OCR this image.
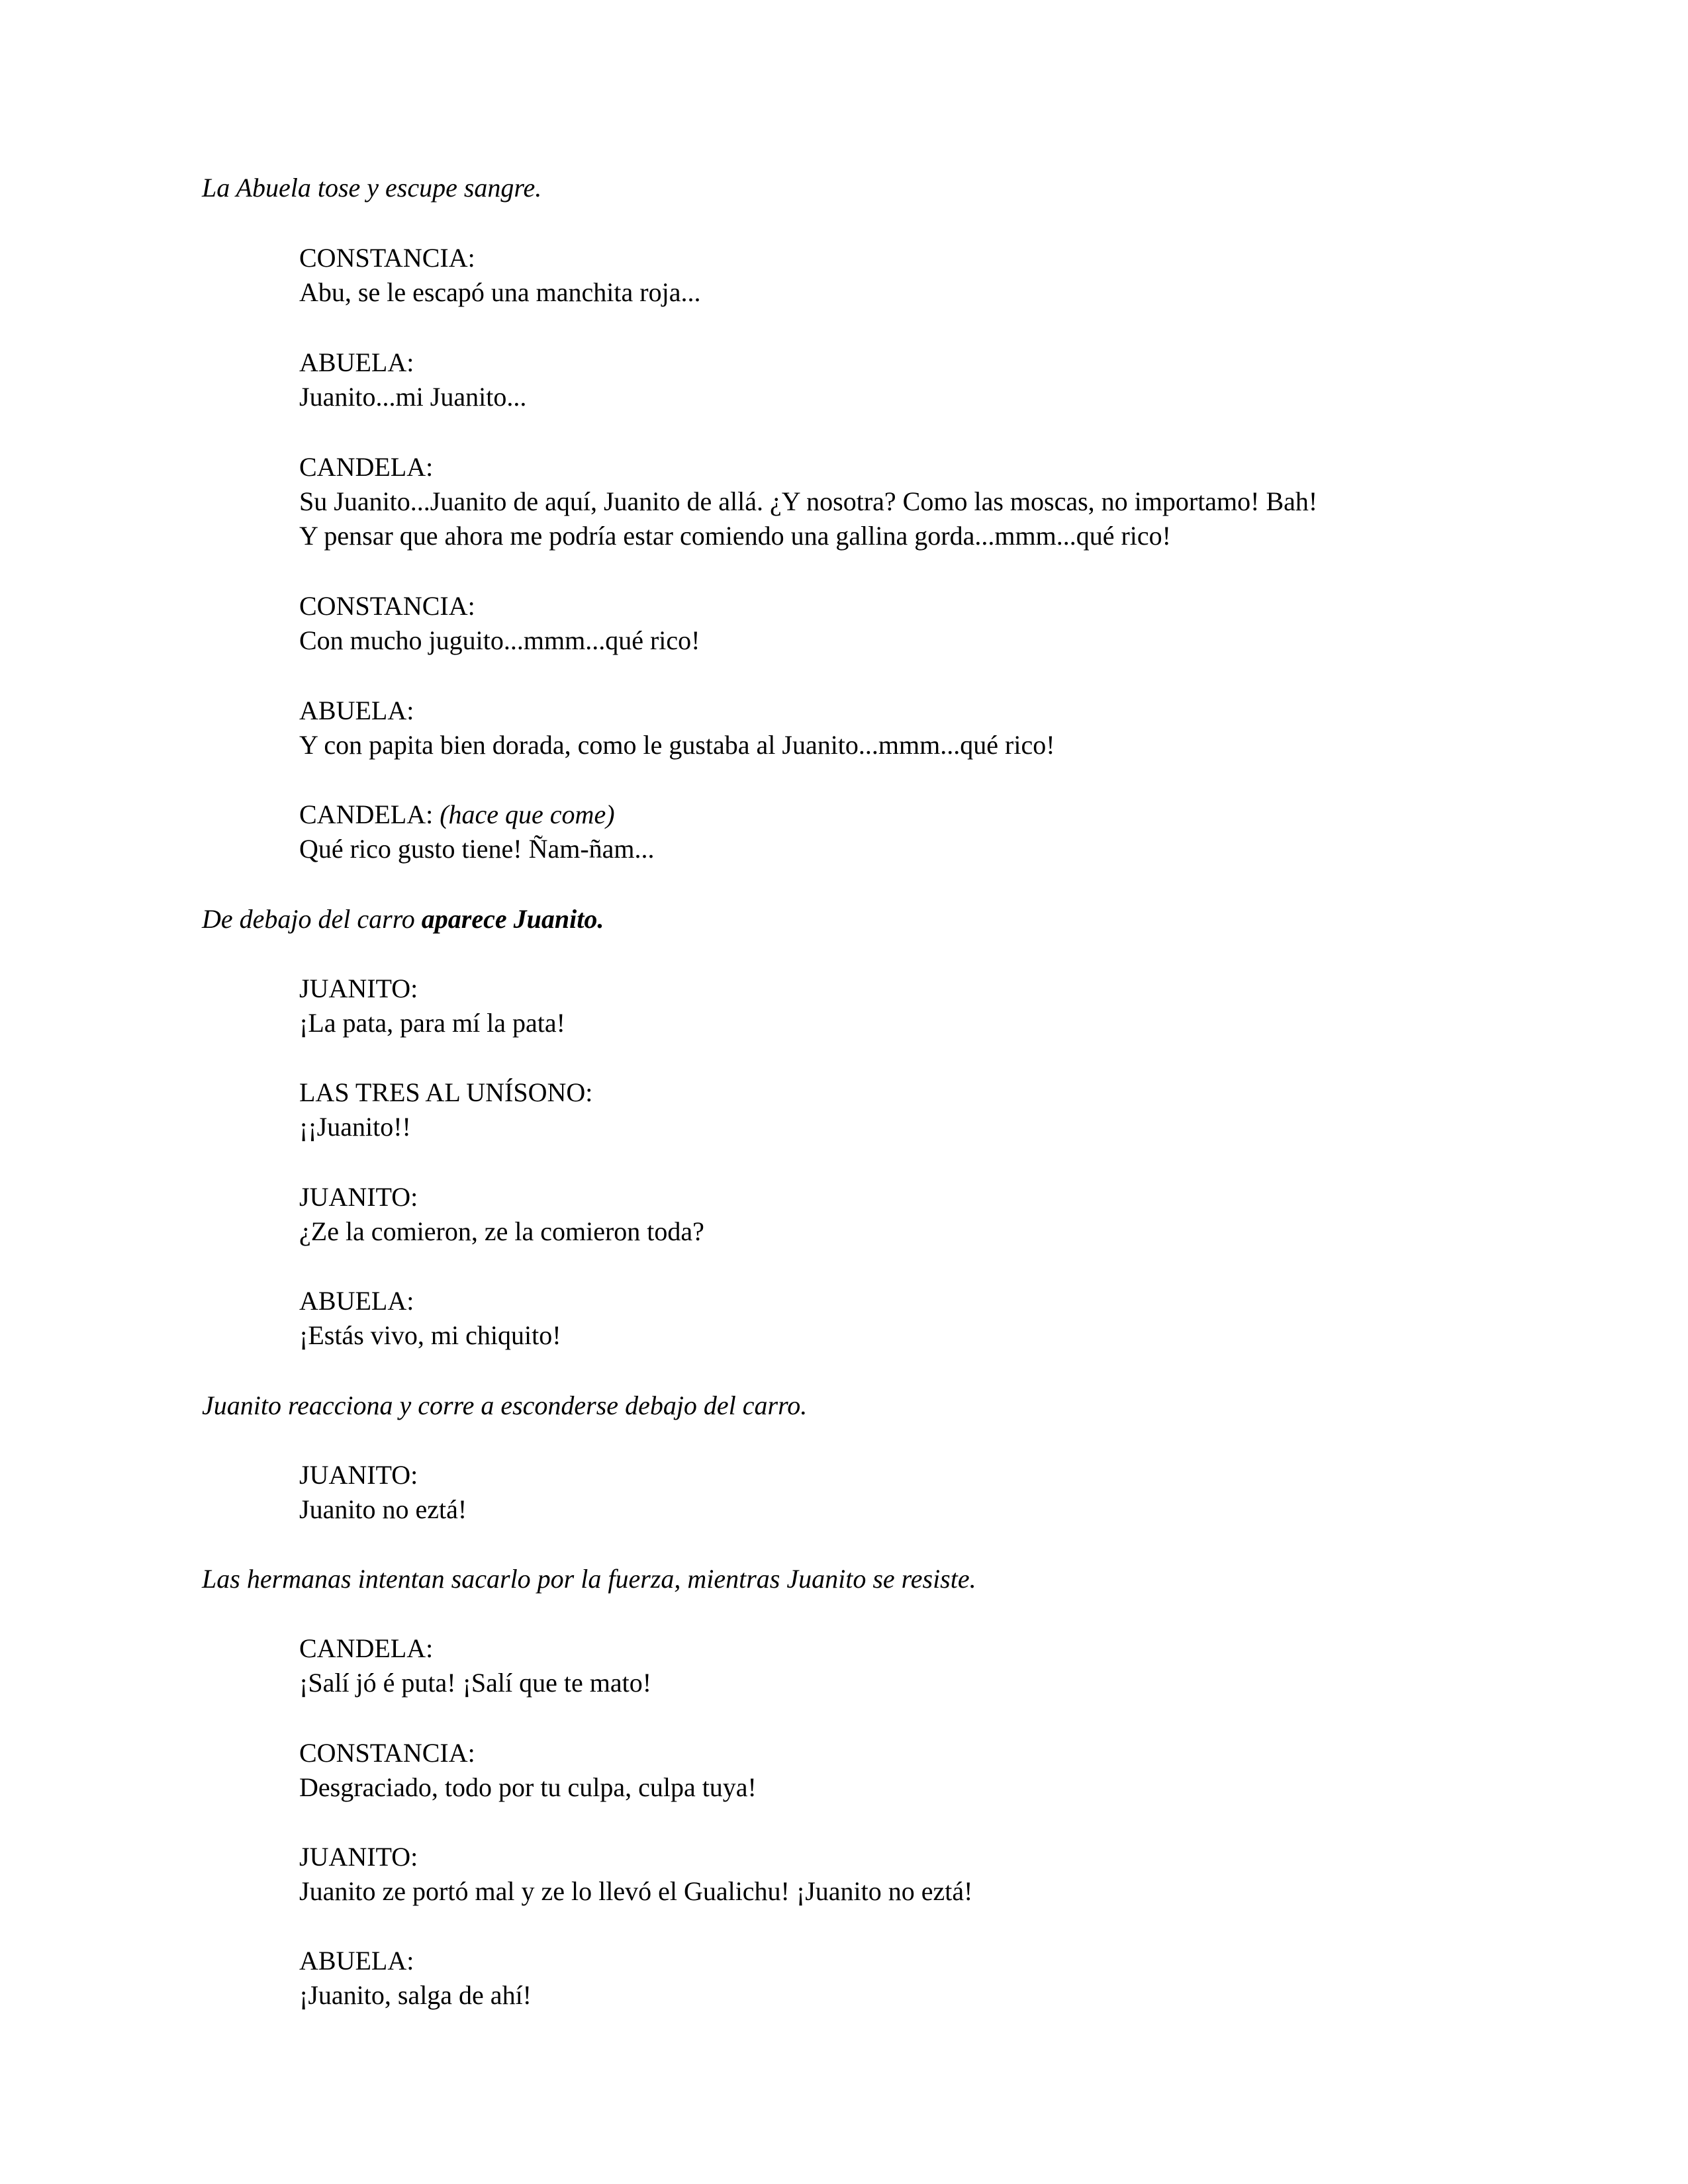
La Abuela tose y escupe sangre.
CONSTANCIA:
Abu, se le escapó una manchita roja...
ABUELA:
Juanito...mi Juanito...
CANDELA:
Su Juanito...Juanito de aquí, Juanito de allá. ¿Y nosotra? Como las moscas, no importamo! Bah!
Y pensar que ahora me podría estar comiendo una gallina gorda...mmm...qué rico!
CONSTANCIA:
Con mucho juguito...mmm...qué rico!
ABUELA:
Y con papita bien dorada, como le gustaba al Juanito...mmm...qué rico!
CANDELA: (hace que come)
Qué rico gusto tiene! Ñam-ñam...
De debajo del carro aparece Juanito.
JUANITO:
¡La pata, para mí la pata!
LAS TRES AL UNÍSONO:
¡¡Juanito!!
JUANITO:
¿Ze la comieron, ze la comieron toda?
ABUELA:
¡Estás vivo, mi chiquito!
Juanito reacciona y corre a esconderse debajo del carro.
JUANITO:
Juanito no eztá!
Las hermanas intentan sacarlo por la fuerza, mientras Juanito se resiste.
CANDELA:
¡Salí jó é puta! ¡Salí que te mato!
CONSTANCIA:
Desgraciado, todo por tu culpa, culpa tuya!
JUANITO:
Juanito ze portó mal y ze lo llevó el Gualichu! ¡Juanito no eztá!
ABUELA:
¡Juanito, salga de ahí!
